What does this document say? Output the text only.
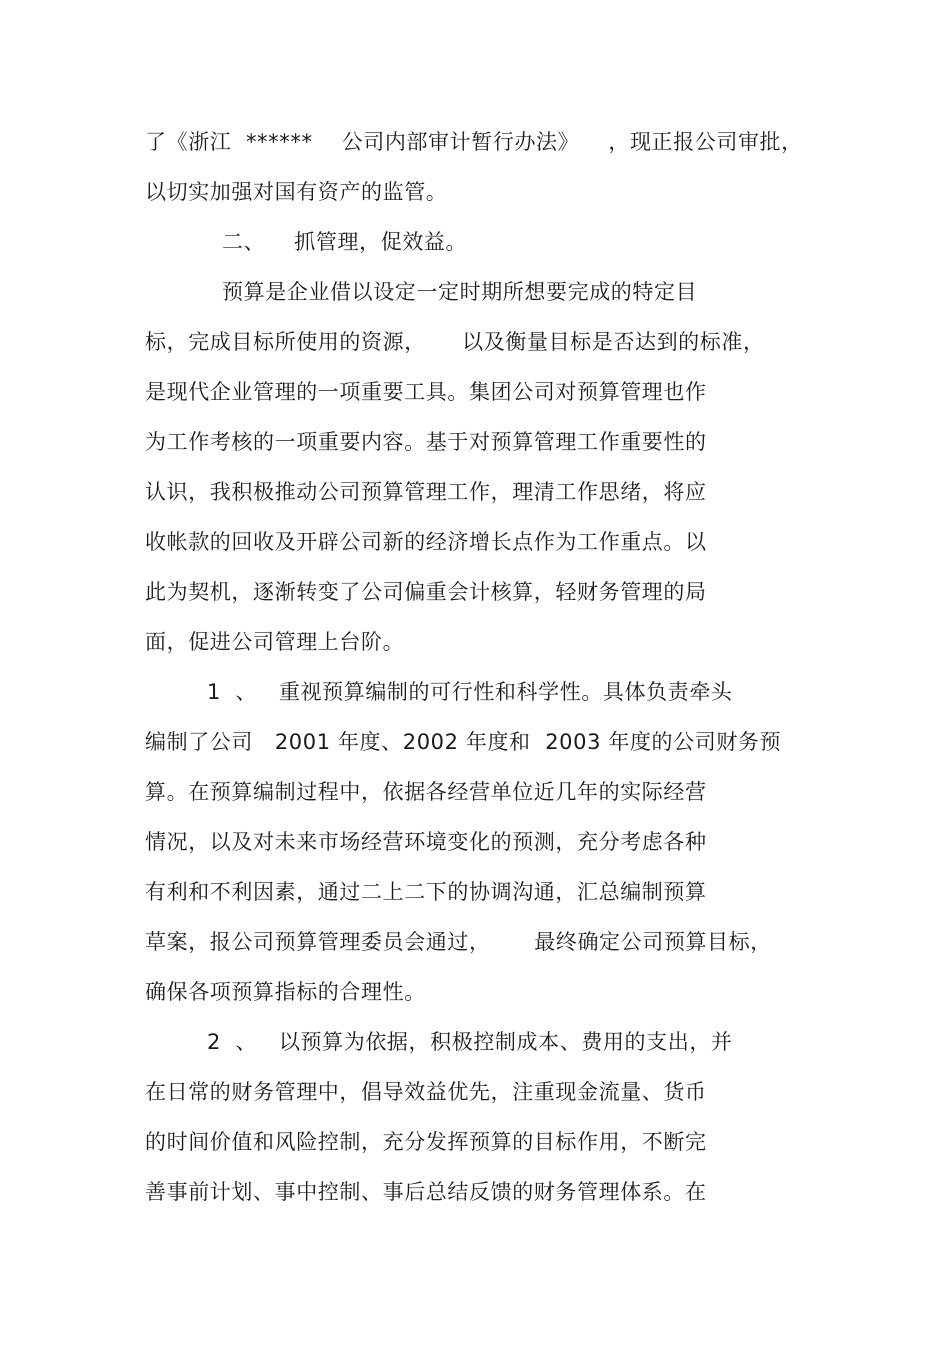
了《浙江  ******    公司内部审计暂行办法》    ，现正报公司审批，
以切实加强对国有资产的监管。
二、    抓管理，促效益。
预算是企业借以设定一定时期所想要完成的特定目
标，完成目标所使用的资源，     以及衡量目标是否达到的标准，
是现代企业管理的一项重要工具。集团公司对预算管理也作
为工作考核的一项重要内容。基于对预算管理工作重要性的
认识，我积极推动公司预算管理工作，理清工作思绪，将应
收帐款的回收及开辟公司新的经济增长点作为工作重点。以
此为契机，逐渐转变了公司偏重会计核算，轻财务管理的局
面，促进公司管理上台阶。
1  、   重视预算编制的可行性和科学性。具体负责牵头
编制了公司   2001 年度、2002 年度和  2003 年度的公司财务预
算。在预算编制过程中，依据各经营单位近几年的实际经营
情况，以及对未来市场经营环境变化的预测，充分考虑各种
有利和不利因素，通过二上二下的协调沟通，汇总编制预算
草案，报公司预算管理委员会通过，      最终确定公司预算目标，
确保各项预算指标的合理性。
2  、   以预算为依据，积极控制成本、费用的支出，并
在日常的财务管理中，倡导效益优先，注重现金流量、货币
的时间价值和风险控制，充分发挥预算的目标作用，不断完
善事前计划、事中控制、事后总结反馈的财务管理体系。在
